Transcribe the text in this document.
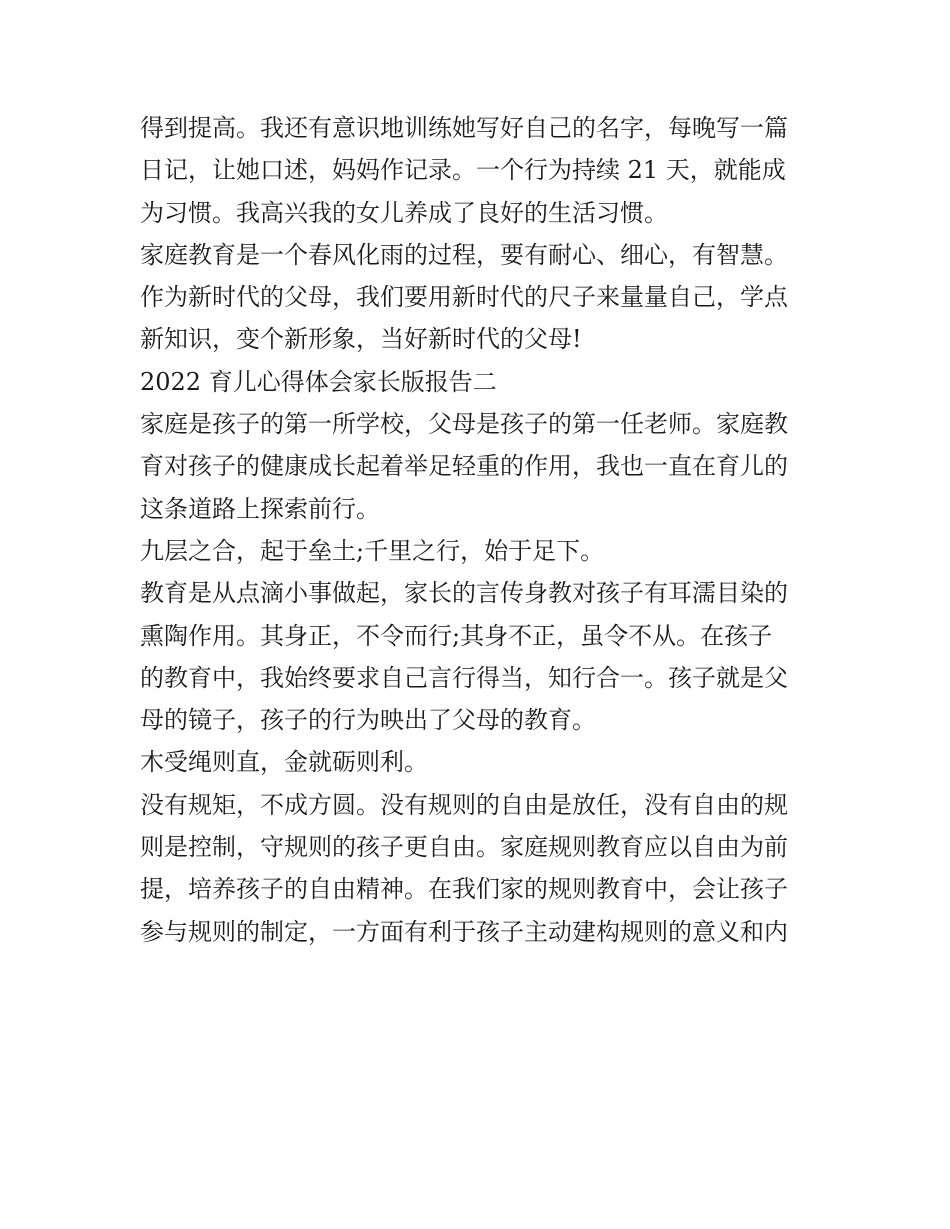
得到提高。我还有意识地训练她写好自己的名字，每晚写一篇
日记，让她口述，妈妈作记录。一个行为持续 21 天，就能成
为习惯。我高兴我的女儿养成了良好的生活习惯。
家庭教育是一个春风化雨的过程，要有耐心、细心，有智慧。
作为新时代的父母，我们要用新时代的尺子来量量自己，学点
新知识，变个新形象，当好新时代的父母!
2022 育儿心得体会家长版报告二
家庭是孩子的第一所学校，父母是孩子的第一任老师。家庭教
育对孩子的健康成长起着举足轻重的作用，我也一直在育儿的
这条道路上探索前行。
九层之合，起于垒土;千里之行，始于足下。
教育是从点滴小事做起，家长的言传身教对孩子有耳濡目染的
熏陶作用。其身正，不令而行;其身不正，虽令不从。在孩子
的教育中，我始终要求自己言行得当，知行合一。孩子就是父
母的镜子，孩子的行为映出了父母的教育。
木受绳则直，金就砺则利。
没有规矩，不成方圆。没有规则的自由是放任，没有自由的规
则是控制，守规则的孩子更自由。家庭规则教育应以自由为前
提，培养孩子的自由精神。在我们家的规则教育中，会让孩子
参与规则的制定，一方面有利于孩子主动建构规则的意义和内
